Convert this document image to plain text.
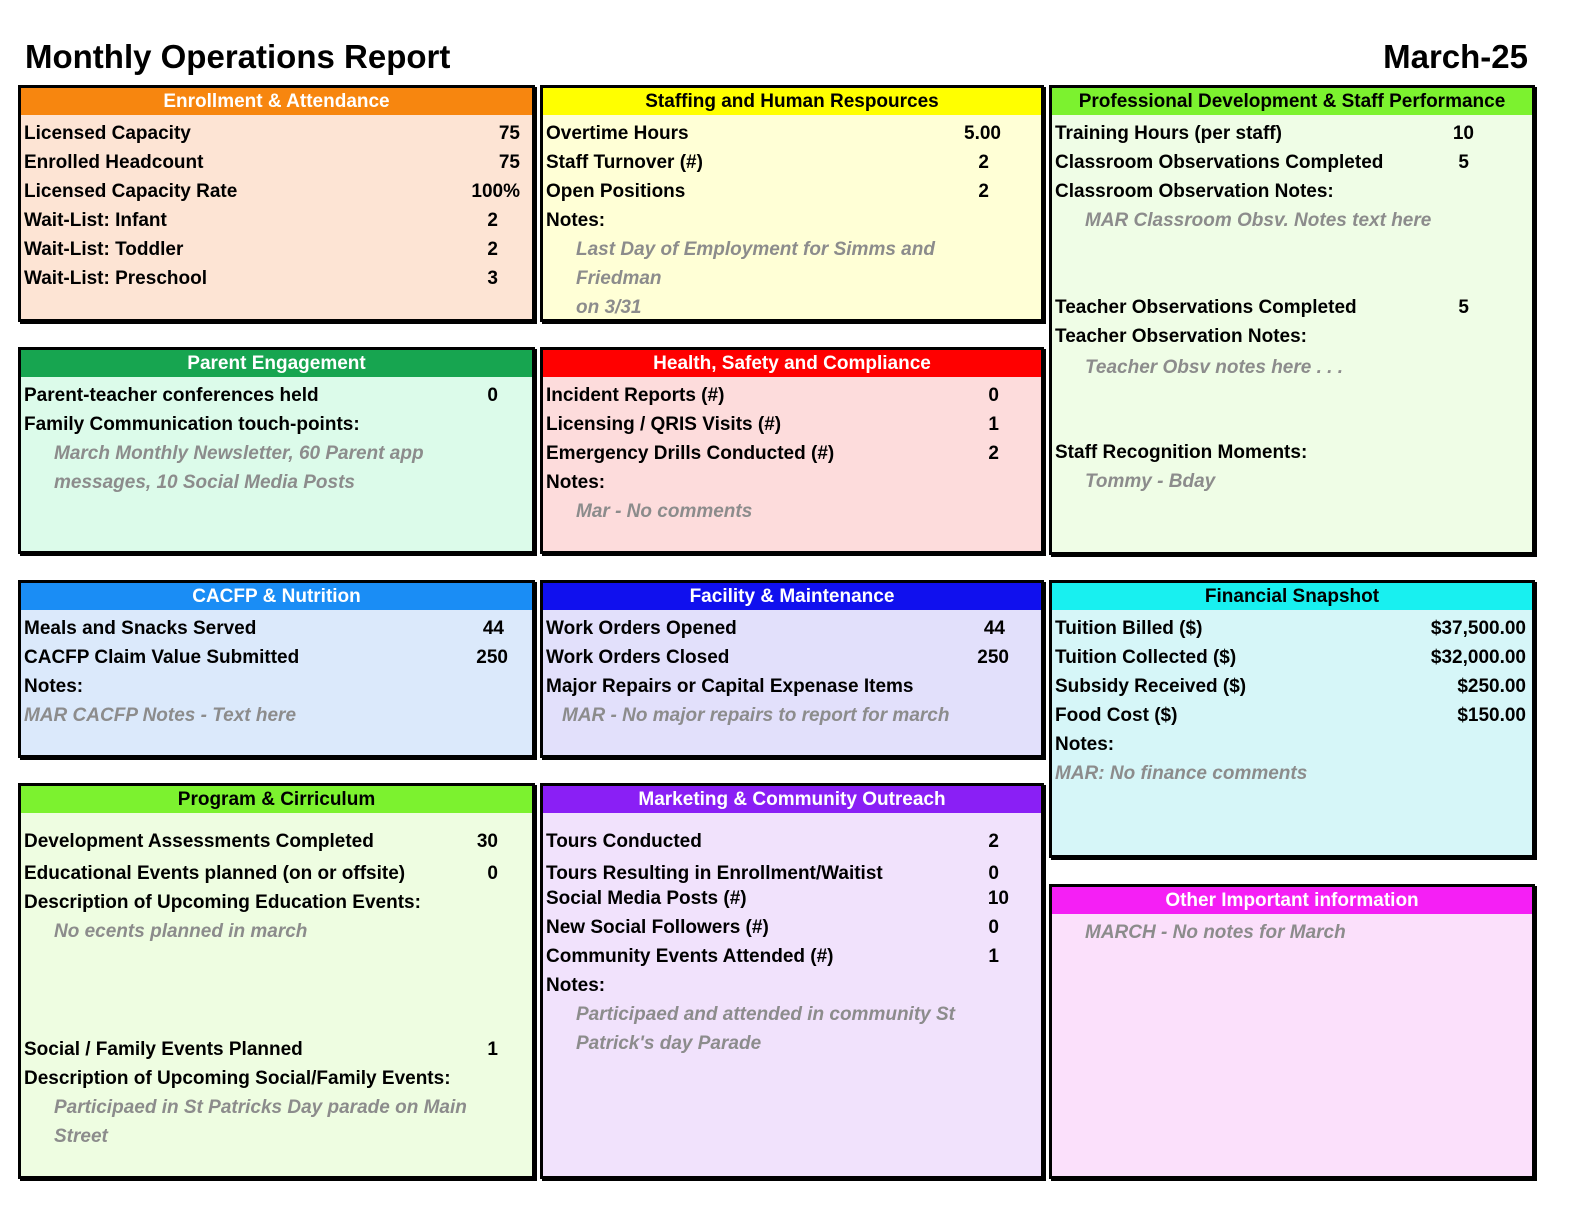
Monthly Operations Report	March-25
Enrollment & Attendance
Licensed Capacity	75
Enrolled Headcount	75
Licensed Capacity Rate	100%
Wait-List: Infant	2
Wait-List: Toddler	2
Wait-List: Preschool	3
Staffing and Human Respources
Overtime Hours	5.00
Staff Turnover (#)	2
Open Positions	2
Notes:
Last Day of Employment for Simms and Friedman
on 3/31
Professional Development & Staff Performance
Training Hours (per staff)	10
Classroom Observations Completed	5
Classroom Observation Notes:
MAR Classroom Obsv. Notes text here
Teacher Observations Completed	5
Teacher Observation Notes:
Teacher Obsv notes here . . .
Staff Recognition Moments:
Tommy - Bday
Parent Engagement
Parent-teacher conferences held	0
Family Communication touch-points:
March Monthly Newsletter, 60 Parent app
messages, 10 Social Media Posts
Health, Safety and Compliance
Incident Reports (#)	0
Licensing / QRIS Visits (#)	1
Emergency Drills Conducted (#)	2
Notes:
Mar - No comments
CACFP & Nutrition
Meals and Snacks Served	44
CACFP Claim Value Submitted	250
Notes:
MAR CACFP Notes - Text here
Facility & Maintenance
Work Orders Opened	44
Work Orders Closed	250
Major Repairs or Capital Expenase Items
MAR - No major repairs to report for march
Financial Snapshot
Tuition Billed ($)	$37,500.00
Tuition Collected ($)	$32,000.00
Subsidy Received ($)	$250.00
Food Cost ($)	$150.00
Notes:
MAR: No finance comments
Program & Cirriculum
Development Assessments Completed	30
Educational Events planned (on or offsite)	0
Description of Upcoming Education Events:
No ecents planned in march
Social / Family Events Planned	1
Description of Upcoming Social/Family Events:
Participaed in St Patricks Day parade on Main
Street
Marketing & Community Outreach
Tours Conducted	2
Tours Resulting in Enrollment/Waitist	0
Social Media Posts (#)	10
New Social Followers (#)	0
Community Events Attended (#)	1
Notes:
Participaed and attended in community St
Patrick's day Parade
Other Important information
MARCH - No notes for March
